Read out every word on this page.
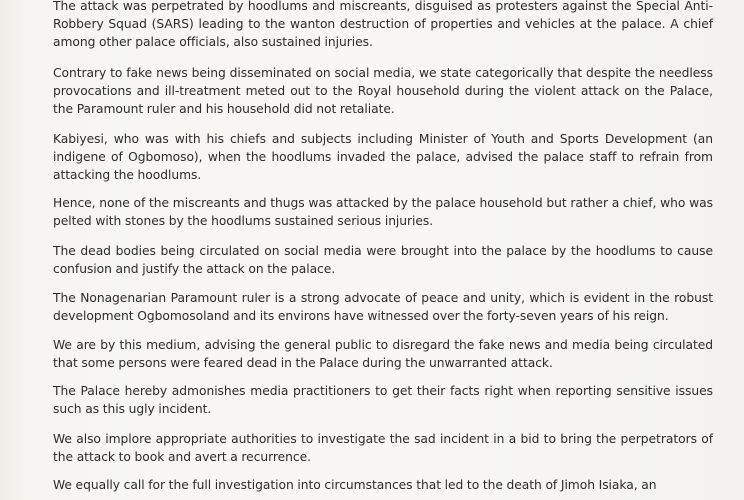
The attack was perpetrated by hoodlums and miscreants, disguised as protesters against the Special Anti-Robbery Squad (SARS) leading to the wanton destruction of properties and vehicles at the palace. A chief among other palace officials, also sustained injuries.

Contrary to fake news being disseminated on social media, we state categorically that despite the needless provocations and ill-treatment meted out to the Royal household during the violent attack on the Palace, the Paramount ruler and his household did not retaliate.

Kabiyesi, who was with his chiefs and subjects including Minister of Youth and Sports Development (an indigene of Ogbomoso), when the hoodlums invaded the palace, advised the palace staff to refrain from attacking the hoodlums.

Hence, none of the miscreants and thugs was attacked by the palace household but rather a chief, who was pelted with stones by the hoodlums sustained serious injuries.

The dead bodies being circulated on social media were brought into the palace by the hoodlums to cause confusion and justify the attack on the palace.

The Nonagenarian Paramount ruler is a strong advocate of peace and unity, which is evident in the robust development Ogbomosoland and its environs have witnessed over the forty-seven years of his reign.

We are by this medium, advising the general public to disregard the fake news and media being circulated that some persons were feared dead in the Palace during the unwarranted attack.

The Palace hereby admonishes media practitioners to get their facts right when reporting sensitive issues such as this ugly incident.

We also implore appropriate authorities to investigate the sad incident in a bid to bring the perpetrators of the attack to book and avert a recurrence.

We equally call for the full investigation into circumstances that led to the death of Jimoh Isiaka, an
